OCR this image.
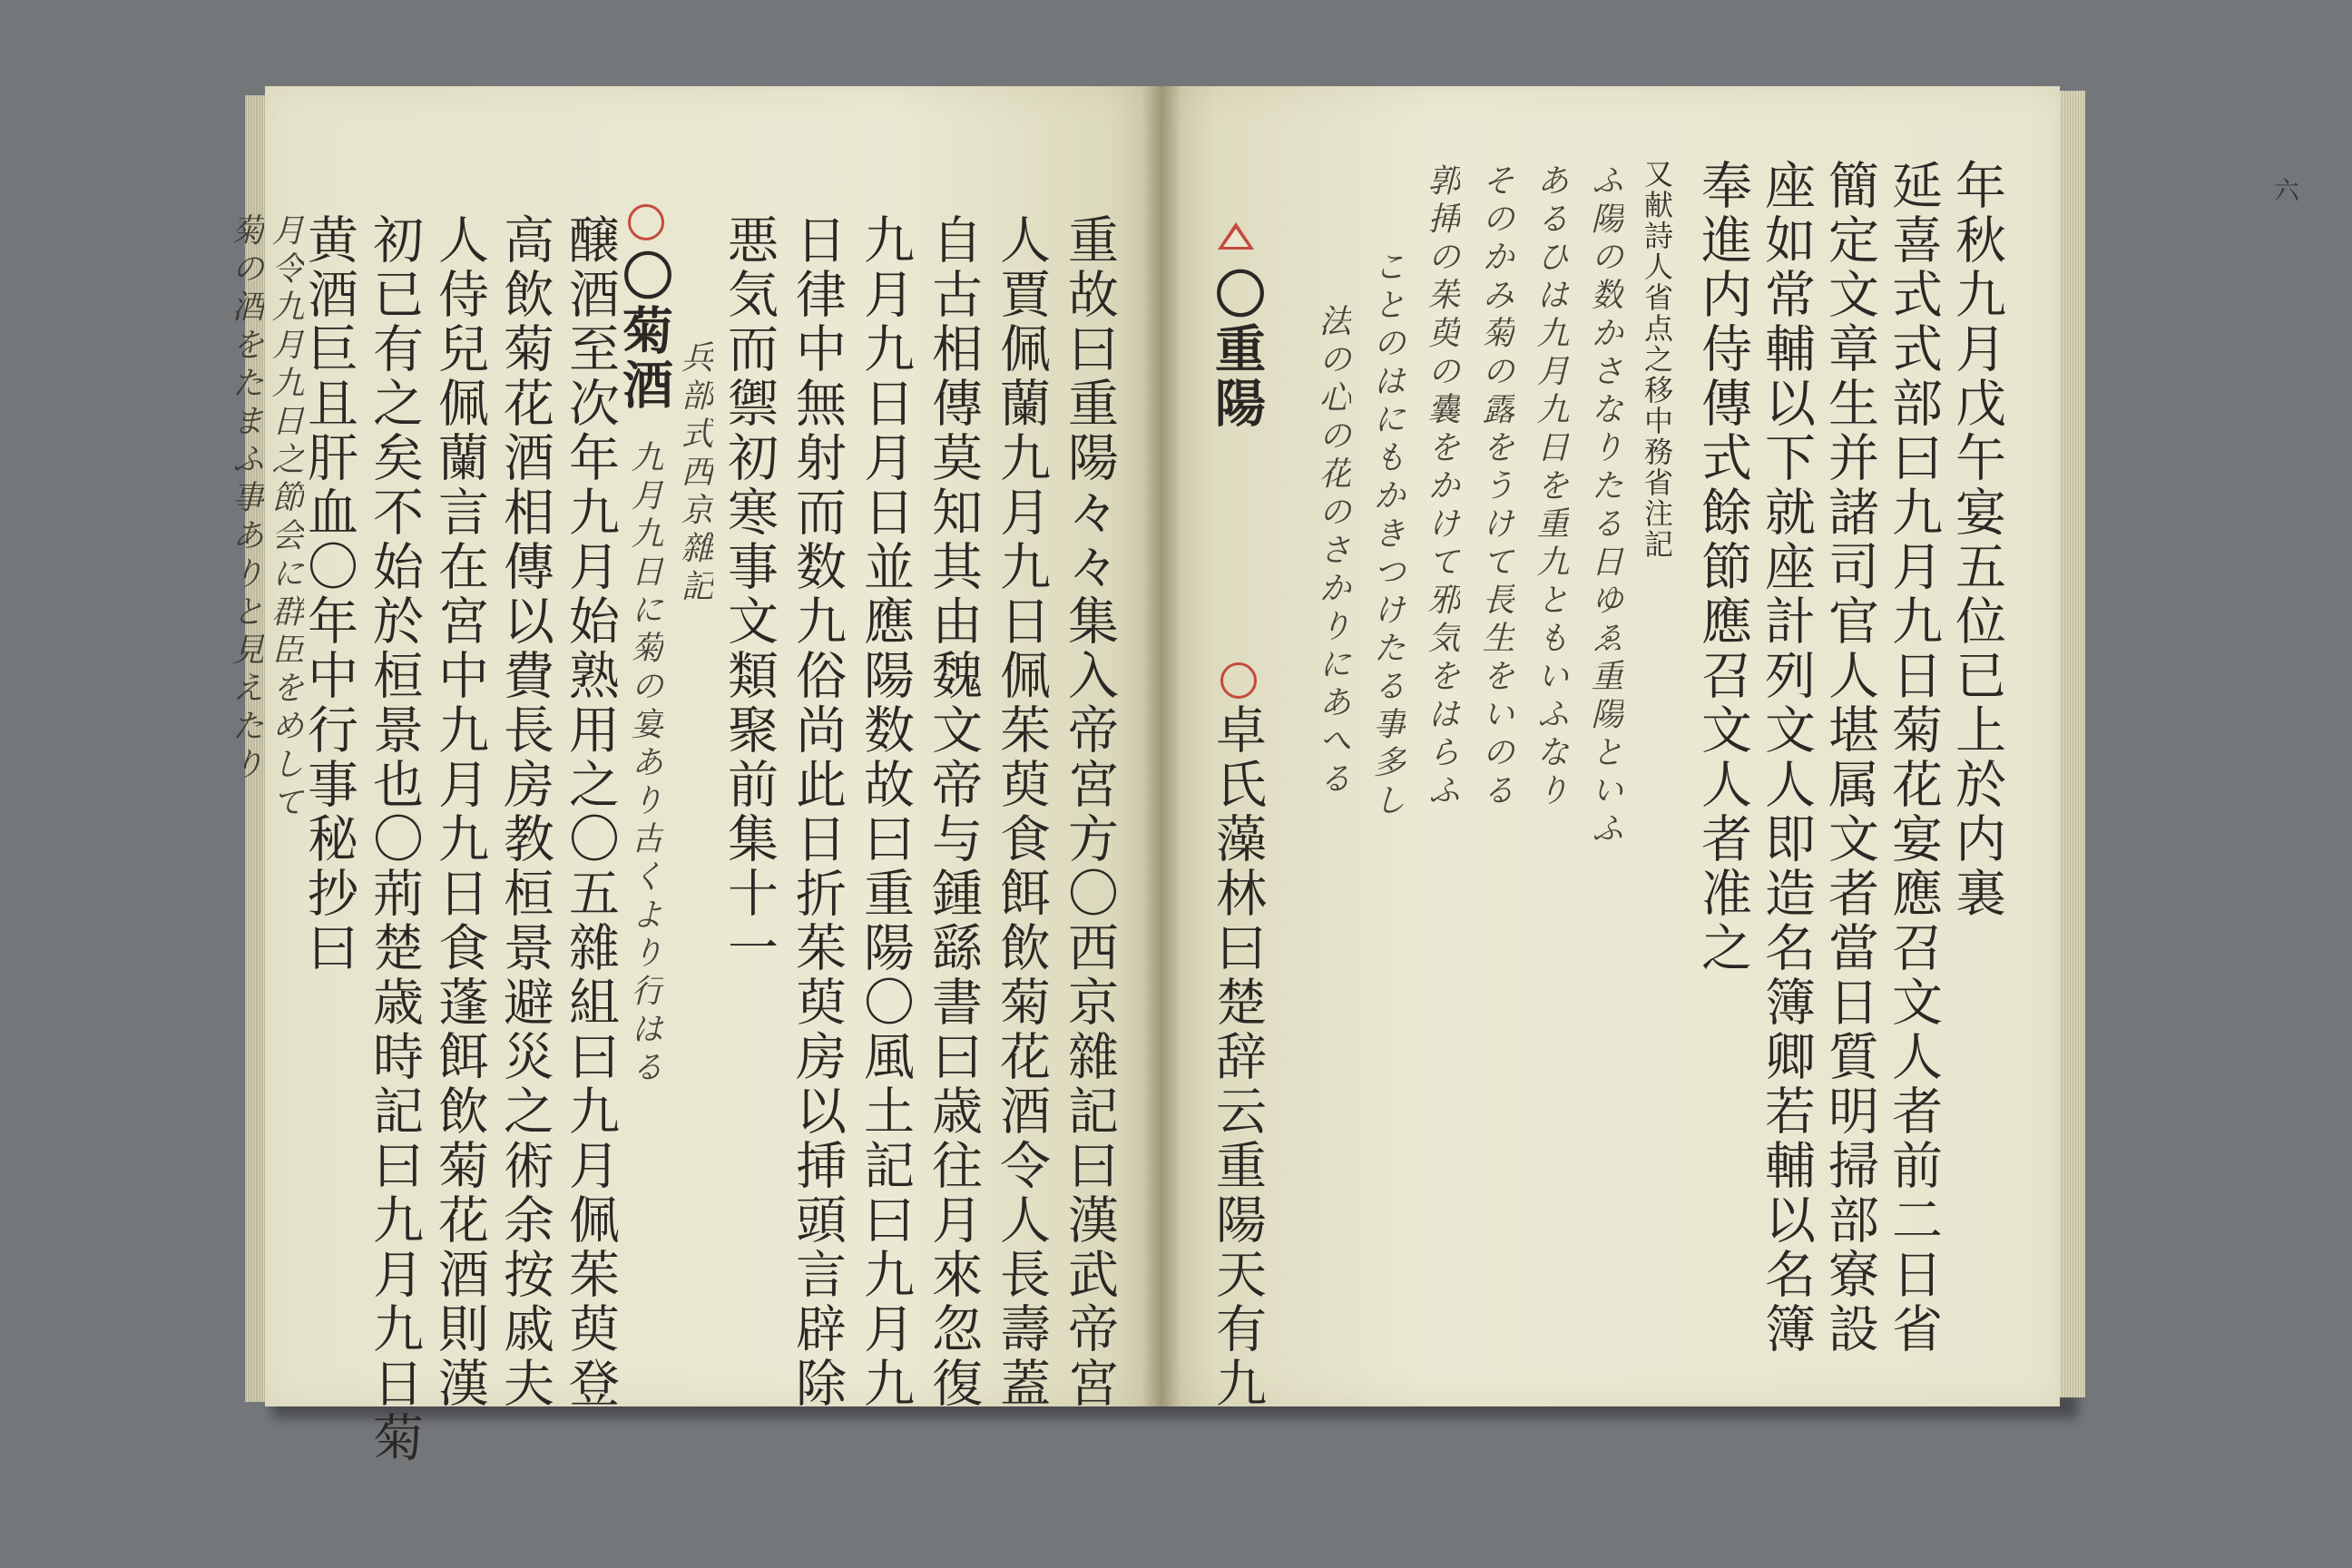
重故曰重陽々々集入帝宮方〇西京雜記曰漢武帝宮
人賈佩蘭九月九日佩茱萸食餌飲菊花酒令人長壽蓋
自古相傳莫知其由魏文帝与鍾繇書曰歳往月來忽復
九月九日月日並應陽数故曰重陽〇風土記曰九月九
日律中無射而数九俗尚此日折茱萸房以挿頭言辟除
悪気而禦初寒事文類聚前集十一
兵部式西京雜記
九月九日に菊の宴あり古くより行はる
〇菊酒
醸酒至次年九月始熟用之〇五雜組曰九月佩茱萸登
高飲菊花酒相傳以費長房教桓景避災之術余按戚夫
人侍兒佩蘭言在宮中九月九日食蓬餌飲菊花酒則漢
初已有之矣不始於桓景也〇荊楚歳時記曰九月九日菊
黄酒巨且肝血〇年中行事秘抄曰
月令九月九日之節会に群臣をめして
菊の酒をたまふ事ありと見えたり	年秋九月戊午宴五位已上於内裏
延喜式式部曰九月九日菊花宴應召文人者前二日省
簡定文章生并諸司官人堪属文者當日質明掃部寮設
座如常輔以下就座計列文人即造名簿卿若輔以名簿
奉進内侍傳式餘節應召文人者准之
又献詩人省点之移中務省注記
ふ陽の数かさなりたる日ゆゑ重陽といふ
あるひは九月九日を重九ともいふなり
そのかみ菊の露をうけて長生をいのる
郭挿の茱萸の囊をかけて邪気をはらふ
ことのはにもかきつけたる事多し
法の心の花のさかりにあへる
〇重陽
卓氏藻林曰楚辞云重陽天有九
六
